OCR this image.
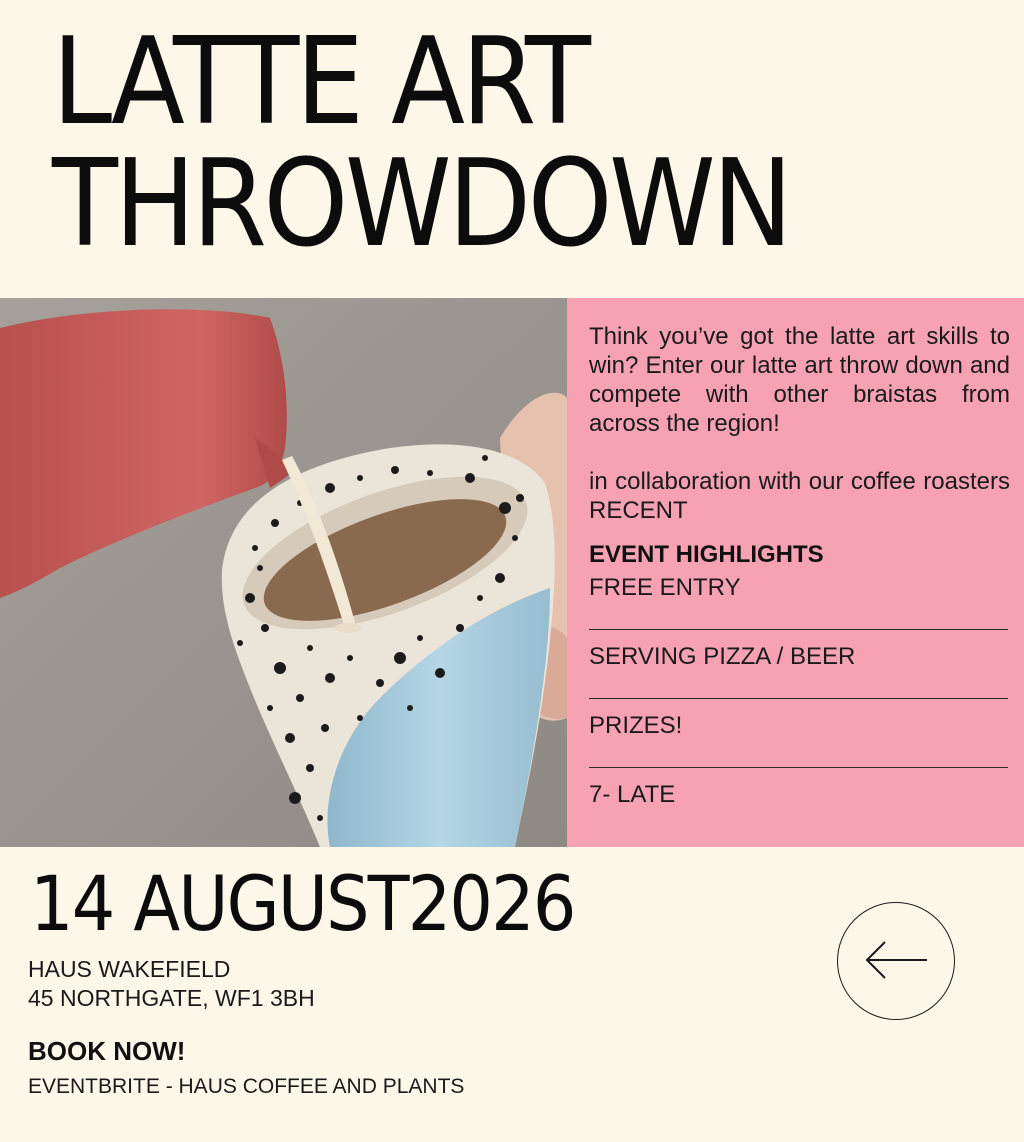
LATTE ART
THROWDOWN

Think you’ve got the latte art skills to win? Enter our latte art throw down and compete with other braistas from across the region!

in collaboration with our coffee roasters RECENT

EVENT HIGHLIGHTS
FREE ENTRY
SERVING PIZZA / BEER
PRIZES!
7- LATE
14 AUGUST2026
HAUS WAKEFIELD
45 NORTHGATE, WF1 3BH
BOOK NOW!
EVENTBRITE - HAUS COFFEE AND PLANTS
